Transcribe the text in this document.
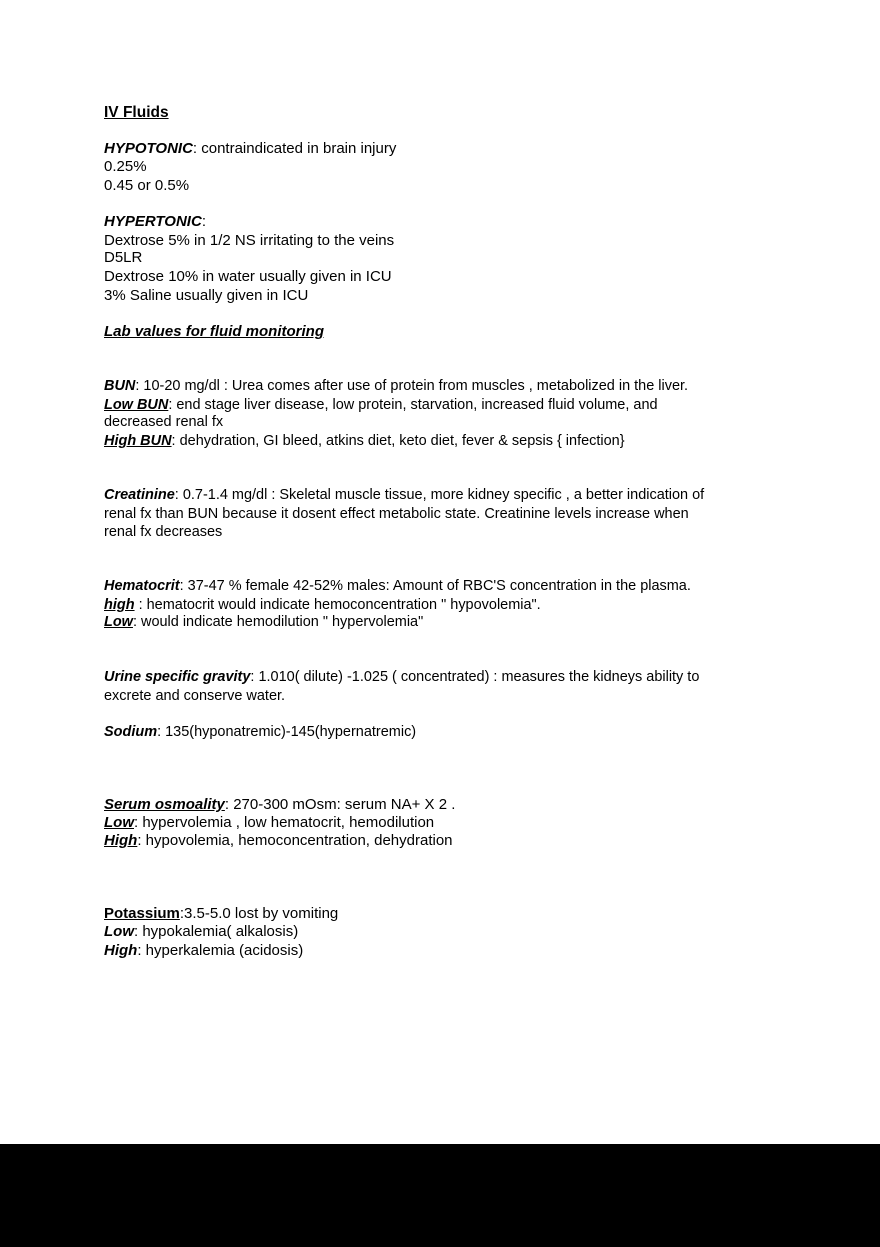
IV Fluids
HYPOTONIC: contraindicated in brain injury
0.25%
0.45 or 0.5%
HYPERTONIC:
Dextrose 5% in 1/2 NS irritating to the veins
D5LR
Dextrose 10% in water usually given in ICU
3% Saline usually given in ICU
Lab values for fluid monitoring
BUN: 10-20 mg/dl : Urea comes after use of protein from muscles , metabolized in the liver.
Low BUN: end stage liver disease, low protein, starvation, increased fluid volume, and
decreased renal fx
High BUN: dehydration, GI bleed, atkins diet, keto diet, fever & sepsis { infection}
Creatinine: 0.7-1.4 mg/dl : Skeletal muscle tissue, more kidney specific , a better indication of
renal fx than BUN because it dosent effect metabolic state. Creatinine levels increase when
renal fx decreases
Hematocrit: 37-47 % female 42-52% males: Amount of RBC'S concentration in the plasma.
high : hematocrit would indicate hemoconcentration " hypovolemia".
Low: would indicate hemodilution " hypervolemia"
Urine specific gravity: 1.010( dilute) -1.025 ( concentrated) : measures the kidneys ability to
excrete and conserve water.
Sodium: 135(hyponatremic)-145(hypernatremic)
Serum osmoality: 270-300 mOsm: serum NA+ X 2 .
Low: hypervolemia , low hematocrit, hemodilution
High: hypovolemia, hemoconcentration, dehydration
Potassium:3.5-5.0 lost by vomiting
Low: hypokalemia( alkalosis)
High: hyperkalemia (acidosis)
